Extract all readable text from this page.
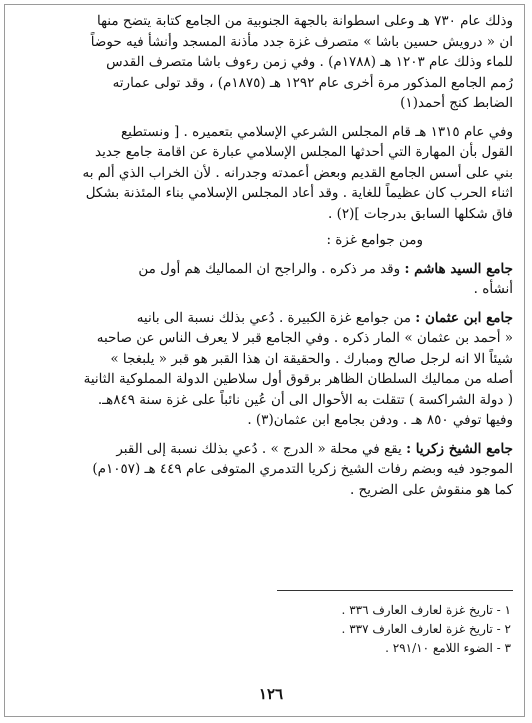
وذلك عام ٧٣٠ هـ وعلى اسطوانة بالجهة الجنوبية من الجامع كتابة يتضح منها
ان « درويش حسين باشا » متصرف غزة جدد مأذنة المسجد وأنشأ فيه حوضاً
للماء وذلك عام ١٢٠٣ هـ (١٧٨٨م) . وفي زمن رءوف باشا متصرف القدس
رُمم الجامع المذكور مرة أخرى عام ١٢٩٢ هـ (١٨٧٥م) ، وقد تولى عمارته
الضابط كنج أحمد(١)
وفي عام ١٣١٥ هـ قام المجلس الشرعي الإسلامي بتعميره . [ ونستطيع
القول بأن المهارة التي أحدثها المجلس الإسلامي عبارة عن اقامة جامع جديد
بني على أسس الجامع القديم وبعض أعمدته وجدرانه . لأن الخراب الذي ألم به
اثناء الحرب كان عظيماً للغاية . وقد أعاد المجلس الإسلامي بناء المئذنة بشكل
فاق شكلها السابق بدرجات ](٢) .
ومن جوامع غزة :
جامع السيد هاشم : وقد مر ذكره . والراجح ان المماليك هم أول من
أنشأه .
جامع ابن عثمان : من جوامع غزة الكبيرة . دُعي بذلك نسبة الى بانيه
« أحمد بن عثمان » المار ذكره . وفي الجامع قبر لا يعرف الناس عن صاحبه
شيئاً الا انه لرجل صالح ومبارك . والحقيقة ان هذا القبر هو قبر « يلبغجا »
أصله من مماليك السلطان الظاهر برقوق أول سلاطين الدولة المملوكية الثانية
( دولة الشراكسة ) تتقلت به الأحوال الى أن عُين نائباً على غزة سنة ٨٤٩هـ.
وفيها توفي ٨٥٠ هـ . ودفن بجامع ابن عثمان(٣) .
جامع الشيخ زكريا : يقع في محلة « الدرج » . دُعي بذلك نسبة إلى القبر
الموجود فيه وبضم رفات الشيخ زكريا التدمري المتوفى عام ٤٤٩ هـ (١٠٥٧م)
كما هو منقوش على الضريح .
١ - تاريخ غزة لعارف العارف ٣٣٦ .
٢ - تاريخ غزة لعارف العارف ٣٣٧ .
٣ - الضوء اللامع ٢٩١/١٠ .
١٢٦
